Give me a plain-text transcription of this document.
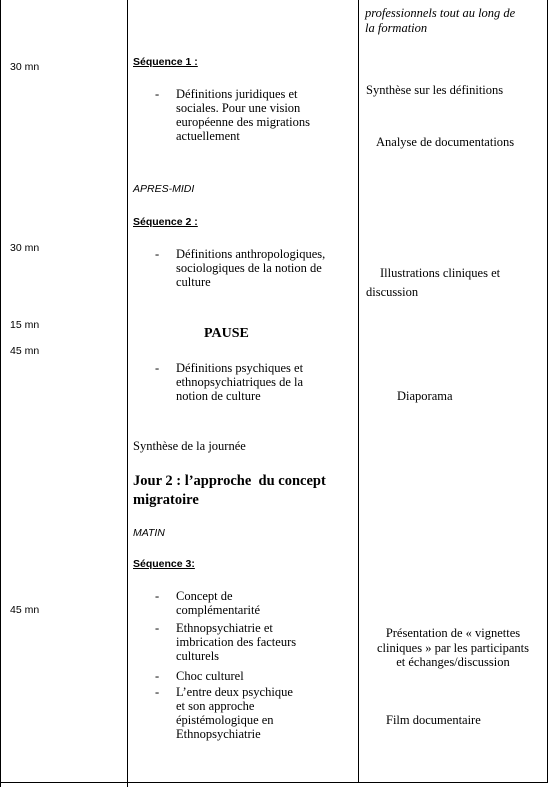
professionnels tout au long de
la formation
30 mn
30 mn
15 mn
45 mn
45 mn
Séquence 1 :
- Définitions juridiques et
sociales. Pour une vision
européenne des migrations
actuellement
APRES-MIDI
Séquence 2 :
- Définitions anthropologiques,
sociologiques de la notion de
culture
PAUSE
- Définitions psychiques et
ethnopsychiatriques de la
notion de culture
Synthèse de la journée
Jour 2 : l’approche  du concept
migratoire
MATIN
Séquence 3:
- Concept de
complémentarité
- Ethnopsychiatrie et
imbrication des facteurs
culturels
- Choc culturel
- L’entre deux psychique
et son approche
épistémologique en
Ethnopsychiatrie
Synthèse sur les définitions
Analyse de documentations
Illustrations cliniques et
discussion
Diaporama
Présentation de « vignettes
cliniques » par les participants
et échanges/discussion
Film documentaire
